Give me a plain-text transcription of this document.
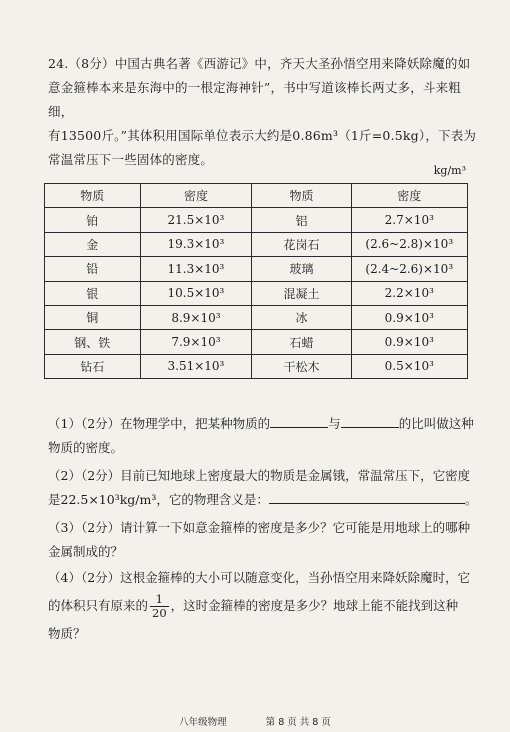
24.（8分）中国古典名著《西游记》中，齐天大圣孙悟空用来降妖除魔的如

意金箍棒本来是东海中的一根定海神针”，书中写道该棒长两丈多，斗来粗细，

有13500斤。”其体积用国际单位表示大约是0.86m³（1斤=0.5kg），下表为

常温常压下一些固体的密度。

kg/m³
物质	密度	物质	密度
铂	21.5×10³	铝	2.7×10³
金	19.3×10³	花岗石	(2.6~2.8)×10³
铅	11.3×10³	玻璃	(2.4~2.6)×10³
银	10.5×10³	混凝土	2.2×10³
铜	8.9×10³	冰	0.9×10³
钢、铁	7.9×10³	石蜡	0.9×10³
钻石	3.51×10³	干松木	0.5×10³

（1）（2分）在物理学中，把某种物质的	与	的比叫做这种

物质的密度。

（2）（2分）目前已知地球上密度最大的物质是金属锇，常温常压下，它密度

是22.5×10³kg/m³，它的物理含义是：	。

（3）（2分）请计算一下如意金箍棒的密度是多少？它可能是用地球上的哪种

金属制成的？

（4）（2分）这根金箍棒的大小可以随意变化，当孙悟空用来降妖除魔时，它

的体积只有原来的 $\frac{1}{20}$ ，这时金箍棒的密度是多少？地球上能不能找到这种

物质？

八年级物理	第 8 页 共 8 页
